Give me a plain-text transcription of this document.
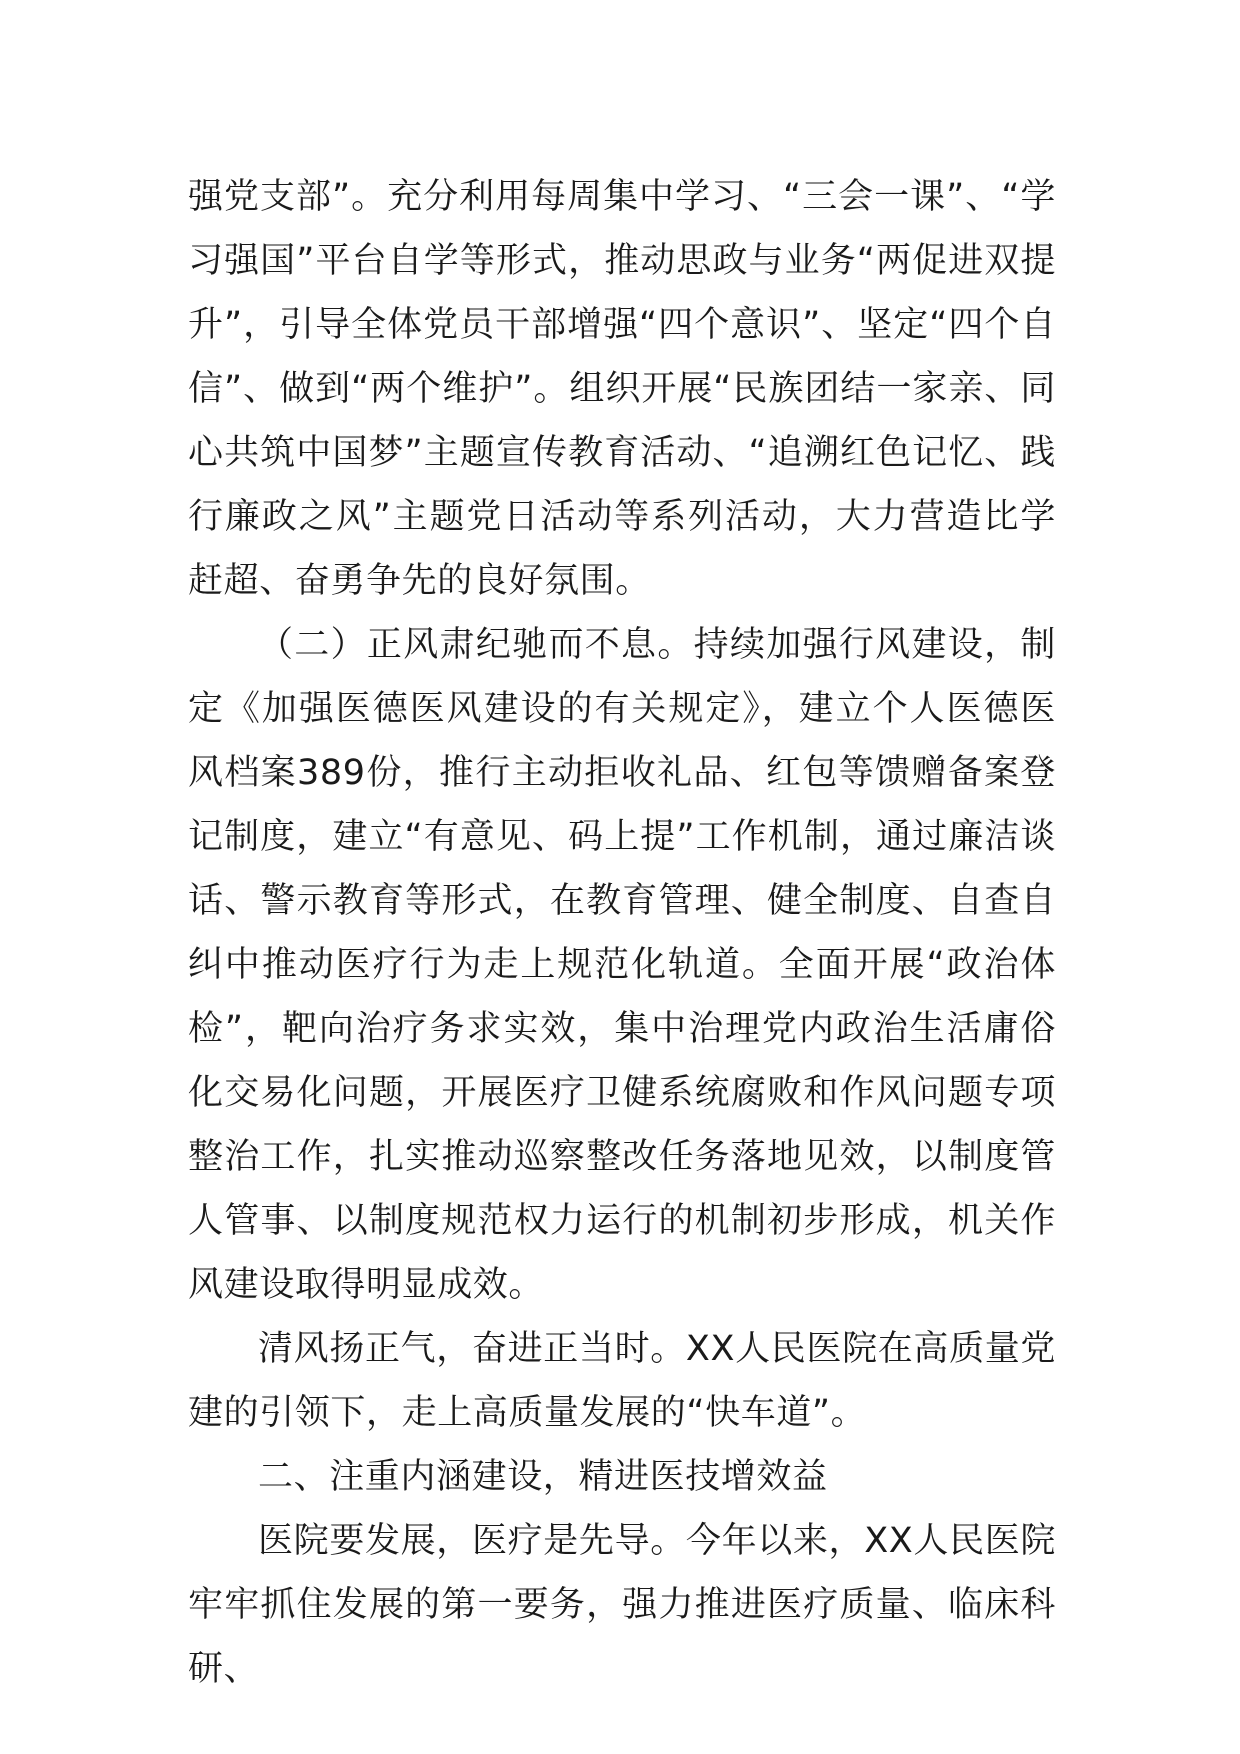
强党支部”。充分利用每周集中学习、“三会一课”、“学习强国”平台自学等形式，推动思政与业务“两促进双提升”，引导全体党员干部增强“四个意识”、坚定“四个自信”、做到“两个维护”。组织开展“民族团结一家亲、同心共筑中国梦”主题宣传教育活动、“追溯红色记忆、践行廉政之风”主题党日活动等系列活动，大力营造比学赶超、奋勇争先的良好氛围。

（二）正风肃纪驰而不息。持续加强行风建设，制定《加强医德医风建设的有关规定》，建立个人医德医风档案389份，推行主动拒收礼品、红包等馈赠备案登记制度，建立“有意见、码上提”工作机制，通过廉洁谈话、警示教育等形式，在教育管理、健全制度、自查自纠中推动医疗行为走上规范化轨道。全面开展“政治体检”，靶向治疗务求实效，集中治理党内政治生活庸俗化交易化问题，开展医疗卫健系统腐败和作风问题专项整治工作，扎实推动巡察整改任务落地见效，以制度管人管事、以制度规范权力运行的机制初步形成，机关作风建设取得明显成效。

清风扬正气，奋进正当时。XX人民医院在高质量党建的引领下，走上高质量发展的“快车道”。

二、注重内涵建设，精进医技增效益

医院要发展，医疗是先导。今年以来，XX人民医院牢牢抓住发展的第一要务，强力推进医疗质量、临床科研、
